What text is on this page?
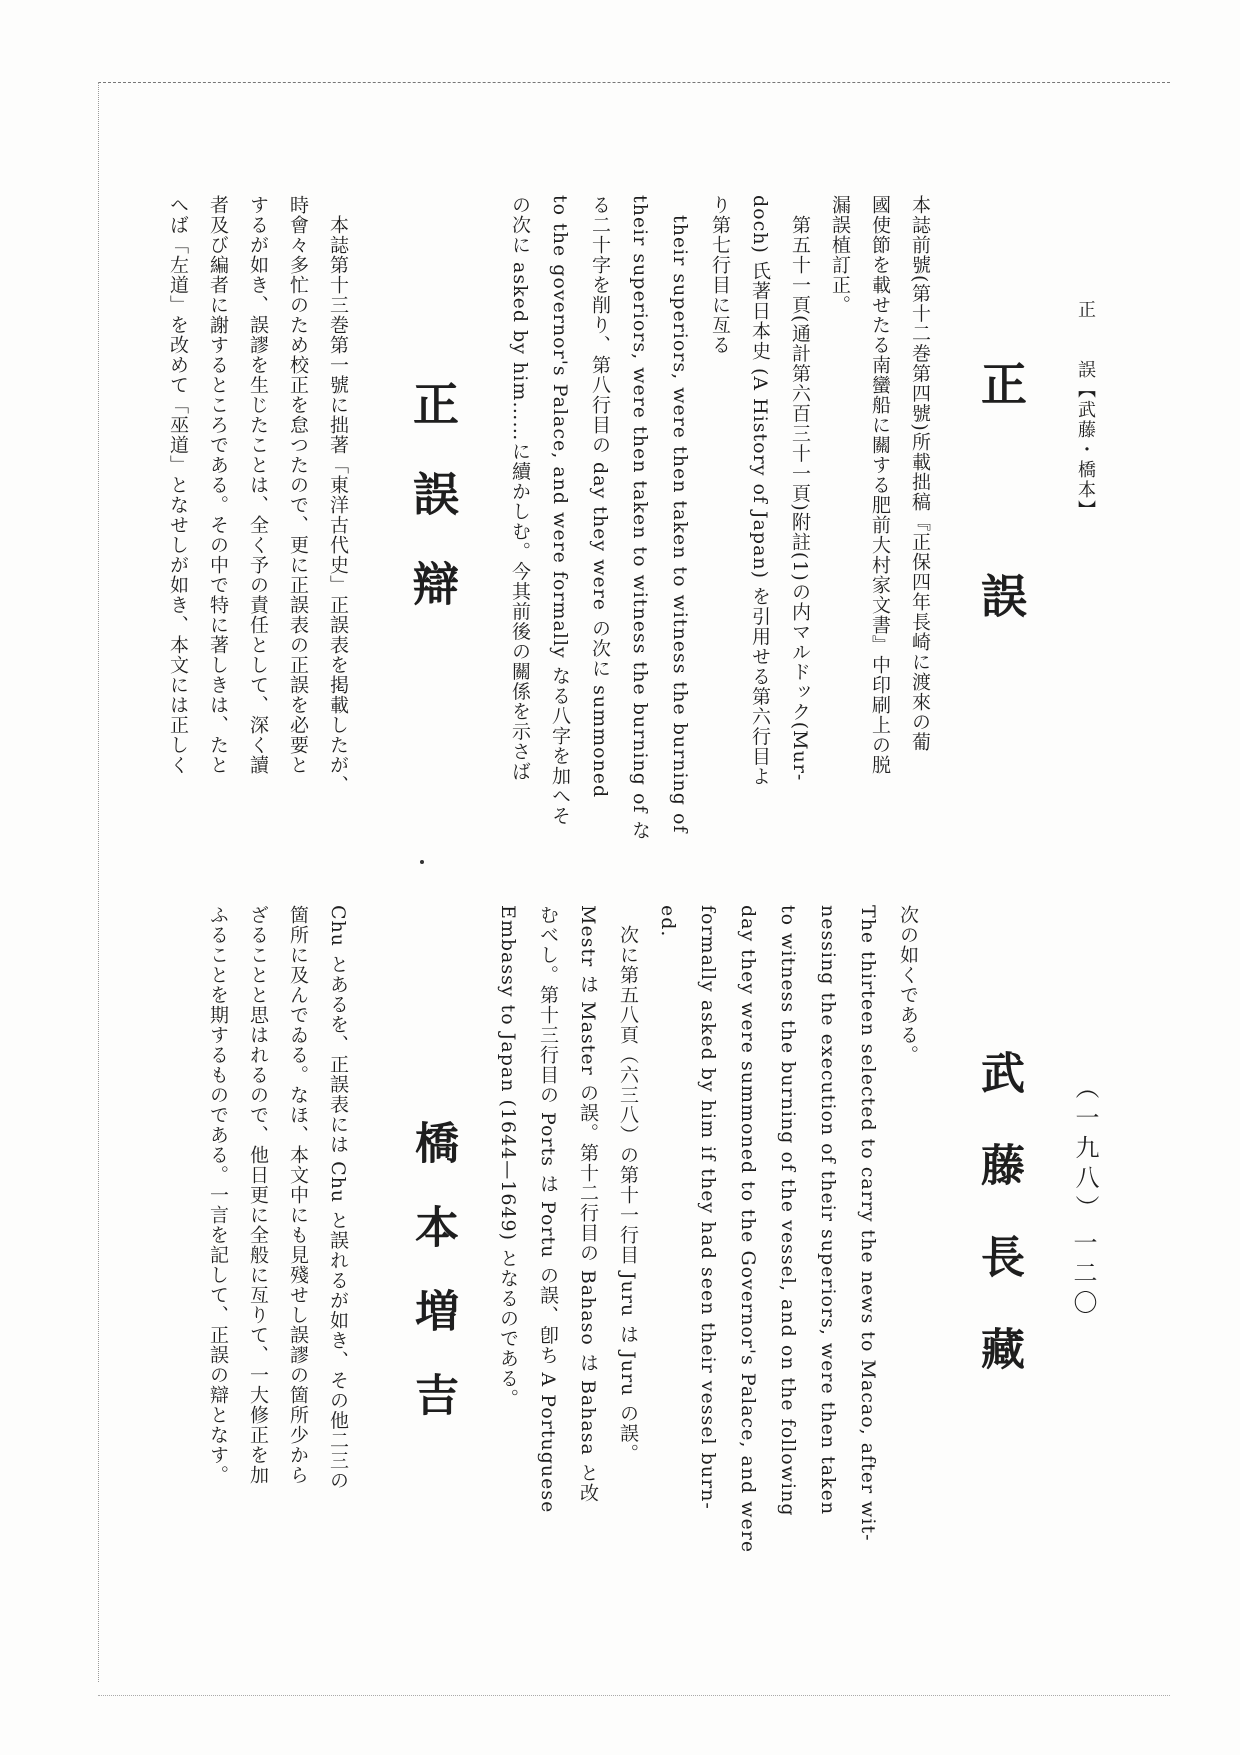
正　　誤【武藤・橋本】
（一九八）
一二〇
正　誤
武藤長藏
本誌前號(第十二巻第四號)所載拙稿『正保四年長崎に渡來の葡
國使節を載せたる南蠻船に關する肥前大村家文書』中印刷上の脱
漏誤植訂正。
　第五十一頁(通計第六百三十一頁)附註(1)の内マルドック(Mur-
doch) 氏著日本史 (A History of Japan) を引用せる第六行目よ
り第七行目に亙る
　their superiors, were then taken to witness the burning of
their superiors, were then taken to witness the burning of な
る二十字を削り、第八行目の day they were の次に summoned
to the governor's Palace, and were formally なる八字を加へそ
の次に asked by him……に續かしむ。今其前後の關係を示さば
次の如くである。
The thirteen selected to carry the news to Macao, after wit-
nessing the execution of their superiors, were then taken
to witness the burning of the vessel, and on the following
day they were summoned to the Governor's Palace, and were
formally asked by him if they had seen their vessel burn-
ed.
　次に第五八頁（六三八）の第十一行目 Juru は Juru の誤。
Mestr は Master の誤。第十二行目の Bahaso は Bahasa と改
むべし。第十三行目の Ports は Portu の誤、卽ち A Portuguese
Embassy to Japan (1644—1649) となるのである。
正誤辯
橋本増吉
　本誌第十三巻第一號に拙著「東洋古代史」正誤表を掲載したが、
時會々多忙のため校正を怠つたので、更に正誤表の正誤を必要と
するが如き、誤謬を生じたことは、全く予の責任として、深く讀
者及び編者に謝するところである。その中で特に著しきは、たと
へば「左道」を改めて「巫道」となせしが如き、本文には正しく
Chu とあるを、正誤表には Chu と誤れるが如き、その他二三の
箇所に及んでゐる。なほ、本文中にも見殘せし誤謬の箇所少から
ざることと思はれるので、他日更に全般に亙りて、一大修正を加
ふることを期するものである。一言を記して、正誤の辯となす。
